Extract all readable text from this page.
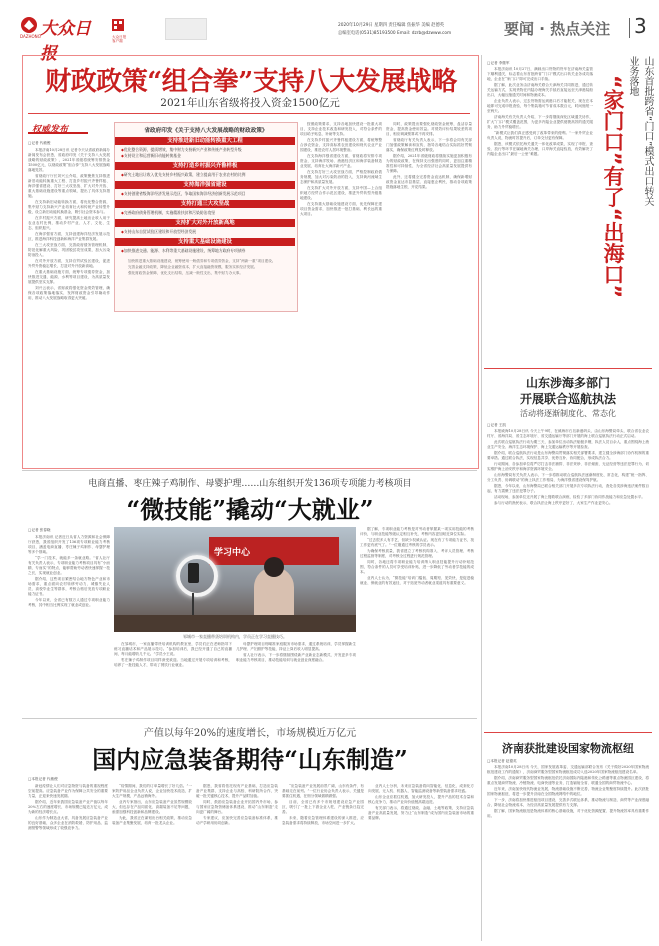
大众日报
DAZHONG	大众日报
客户端
2020年10月29日 星期四 责任编辑 焦振华 美编 赵德英
总编室电话(0531)85193500 Email: dzrb@dzwww.com	要闻 · 热点关注 3
财政政策“组合拳”支持八大发展战略
2021年山东省级将投入资金1500亿元
权威发布
□记者 代敏俊

本报济南10月28日讯 记者今天从省政府新闻办新闻发布会获悉，省政府印发《关于支持八大发展战略的财政政策》，2021年省级将统筹安排资金1500亿元，以财政政策“组合拳”支持八大发展战略落地见效。

省财政厅厅长刘兴云介绍，政策聚焦支持推进新旧动能转换重大工程、打造乡村振兴齐鲁样板、海洋强省建设、打好三大攻坚战、扩大对外开放、重大基础设施建设等重点领域，提出了具体支持措施。

在支持新旧动能转换方面，将优化整合资源，集中财力支持新兴产业培育壮大和传统产业转型升级，设立新旧动能转换基金，吸引社会资本参与。

在乡村振兴方面，研究提高土地出让收入用于农业农村比例，推动乡村产业、人才、文化、生态、组织振兴。

在海洋强省方面，支持创建海洋经济发展示范区，推进海洋科技创新和海洋产业集群发展。

在三大攻坚战方面，完善政府债务管理机制，防范化解重大风险，巩固脱贫攻坚成果，加大污染防治投入。

在对外开放方面，支持自贸试验区建设，促进外贸外资稳定增长，打造对外开放新高地。

在重大基础设施方面，统筹专项债券资金，加快推进交通、能源、水利等项目建设，为高质量发展提供坚实支撑。

刘兴云表示，省财政将强化资金绩效管理，确保各项政策落地落实，发挥财政资金引导撬动作用，推动八大发展战略取得更大突破。

省政府印发《关于支持八大发展战略的财政政策》
支持推进新旧动能转换重大工程
◆ 优化整合资源，提质增效，集中财力支持新兴产业和传统产业转型升级
◆ 支持设立和运营新旧动能转换基金
支持打造乡村振兴齐鲁样板
◆ 研究土地出让收入优先支持乡村振兴政策，建立提高用于农业农村的比例
支持海洋强省建设
◆ 支持创建省级海洋经济发展示范区，争取国家海洋经济创新发展示范项目
支持打通三大攻坚战
◆ 完善政府债务管理机制，实施精准扶贫和污染防治攻坚
支持扩大对外开放新高地
◆ 支持山东自贸试验区建设和开放型经济发展
支持重大基础设施建设
◆ 加快推进交通、能源、水利等重大基础设施建设，统筹地方政府专项债券

加快推进重大基础设施建设，统筹使用一般债券和专项债券资金，支持“两新一重”项目建设。

完善金融支持政策，降低企业融资成本，扩大直接融资规模，服务实体经济发展。

强化财政资金保障，优化支出结构，压减一般性支出，集中财力办大事。

按照政策要求，支持各地加快建设一批重大项目，支持企业技术改造和研发投入，对符合条件的项目给予贴息、补助等支持。

在支持乡村振兴齐鲁样板建设方面，将统筹整合涉农资金，支持高标准农田建设和现代农业产业园建设，推进农村人居环境整治。

在支持海洋强省建设方面，省财政将安排专项资金，支持海洋牧场、渔港经济区和海洋装备制造业发展，培育壮大海洋新兴产业。

在支持打好三大攻坚战方面，严格控制政府债务规模，加大对污染防治的投入，支持黄河流域生态保护和高质量发展。

在支持扩大对外开放方面，支持中国—上合组织地方经贸合作示范区建设，推进外贸转型升级基地建设。

在支持重大基础设施建设方面，优先保障在建项目资金需求，加快推进一批打基础、利长远的重大项目。

同时，政策提出要强化财政资金统筹，盘活存量资金，提高资金使用效益。对绩效评价结果较差的项目，相应调减预算或不再安排。

省财政厅有关负责人表示，下一步将会同有关部门加强政策解读和宣传，指导各地结合实际抓好贯彻落实，确保政策红利及时释放。

据介绍，2021年省级财政将继续实施更加积极有为的财政政策，在保持支出强度的同时，更加注重精准性和可持续性，为全省经济社会高质量发展提供有力保障。

此外，还将健全完善资金直达机制，确保新增财政资金直达市县基层、直接惠企利民，推动各项政策措施落地生根、开花结果。	山东首批跨省“门口”模式出口转关业务落地
“家门口”有了“出海口”
□记者 李继军

本报济南讯 10月27日，满载出口货物的货车在济南海关监管下顺利通关，标志着山东首批跨省“门口”模式出口转关业务成功落地，企业在“家门口”即可完成出口手续。

据了解，此次业务由济南海关联合天津海关共同推进，通过转关运输方式，实现货物在内陆办理海关手续后直接运至天津港装船出口，大幅压缩通关时间和物流成本。

企业负责人表示，过去货物需运到港口后才能报关，现在在本地即可完成申报查验，每个集装箱可节省成本数百元，时间缩短一至两天。

济南海关有关负责人介绍，下一步将继续深化区域通关协作，扩大“门口”模式覆盖范围，为更多内陆企业提供便捷高效的通关服务，助力外贸稳增长。

“新模式让我们真正感受到了改革带来的便利。”一家外贸企业负责人说，物流时效提升后，订单交付更有保障。

据悉，该模式依托海关通关一体化改革成果，实现了申报、查验、放行等环节在属地海关办理，口岸海关直接验放，有效解决了内陆企业出口“最后一公里”难题。

山东涉海多部门
开展联合巡航执法
活动将逐渐制度化、常态化
□记者 王凯

本报威海10月28日讯 今天上午9时，在威海市石岛新港码头，由山东海警局牵头，联合省农业农村厅、省海洋局、省生态环境厅、省交通运输厅等部门开展的海上联合巡航执法行动正式启动。

此次联合巡航执法行动为期三天，参加单位出动执法船艇多艘，执法人员百余人，重点围绕海上渔业生产安全、海洋生态环境保护、海上交通运输秩序等开展检查。

据介绍，联合巡航执法行动是山东海警局贯彻落实相关部署要求，建立健全涉海部门协作机制的重要举措。通过联合执法，实现信息共享、优势互补、协同配合，形成执法合力。

行动期间，各参加单位将严厉打击非法捕捞、非法采砂、非法倾废、无证经营等违法犯罪行为，切实维护海上治安秩序和海洋资源环境安全。

山东海警局有关负责人表示，下一步将推动联合巡航执法逐渐制度化、常态化，构建“统一指挥、分工负责、协调联动”的海上执法工作格局，为海洋强省建设保驾护航。

据悉，今年以来，山东海警局已联合相关部门开展多次专项执法行动，查处各类涉海违法案件数百起，有力震慑了违法犯罪分子。

活动现场，参加单位还开展了海上搜救联合演练，检验了多部门协同作战能力和应急处置水平。

参与行动的渔民表示，联合执法让海上秩序更好了，大家生产作业更安心。

电商直播、枣庄辣子鸡制作、母婴护理……山东组织开发136项专项能力考核项目
“微技能”撬动“大就业”
□记者 张春晓

本报济南讯 记者近日从省人力资源和社会保障厅获悉，我省组织开发了136项专项职业能力考核项目，涵盖电商直播、枣庄辣子鸡制作、母婴护理等多个领域。

“学一门技术，就能多一条就业路。”省人社厅有关负责人表示，专项职业能力考核项目具有“小而精、专而实”的特点，能够帮助劳动者快速掌握一技之长，实现就业创业。

据介绍，这些项目紧密结合地方特色产业和市场需求，重点面向农村转移劳动力、城镇失业人员、高校毕业生等群体，考核合格后发放专项职业能力证书。

今年以来，全省已有数万人通过专项职业能力考核，其中相当比例实现了就业或创业。

学习中心
邹城市一家直播带货培训机构内，学员正在学习直播技巧。

在邹城市，一家直播带货培训机构的教室里，学员们正在老师指导下练习直播话术和产品展示技巧。“参加培训后，我已经开通了自己的直播间，每月能增收几千元。”学员小王说。

枣庄辣子鸡制作项目同样深受欢迎。当地通过开展专项培训和考核，培养了一批技能人才，带动了餐饮行业就业。

母婴护理项目则瞄准家庭服务市场需求，通过系统培训，学员掌握新生儿护理、产妇照护等技能，持证上岗后收入明显提高。

省人社厅表示，下一步将继续围绕新产业新业态新模式，开发更多专项职业能力考核项目，推动技能培训与就业创业深度融合。

据了解，专项职业能力考核是对劳动者掌握某一项实用技能的考核评价，与职业技能等级认定相互补充，考核内容更加贴近岗位实际。

“过去很多人有手艺，但缺少权威认证。现在有了专项能力证书，找工作更有底气了。”一位刚通过考核的学员表示。

为确保考核质量，我省建立了考核机构准入、考评人员管理、考核过程监督等制度，对考核全过程进行规范管理。

同时，各地还将专项职业能力培训纳入职业技能提升行动补贴范围，符合条件的人员可享受培训补贴，进一步降低了劳动者学技能的成本。

业内人士认为，“微技能”培训门槛低、周期短、见效快，是促进稳就业、保就业的有效途径，对于拓宽劳动者就业渠道具有重要意义。

产值以每年20%的速度增长，市场规模近万亿元
国内应急装备期待“山东制造”
□本报记者 代敏俊

新冠疫情让人们对应急物资与装备的重视程度空前提高。应急装备产业作为保障公共安全的重要力量，正迎来快速发展期。

据介绍，近年来我国应急装备产业产值以每年20%左右的速度增长，市场规模已接近万亿元，成为新的经济增长点。

山东作为制造业大省，具备发展应急装备产业的良好基础，众多企业在消防救援、防护用品、监测预警等领域形成了较强竞争力。

“疫情期间，我们的订单量增长了好几倍。”一家防护用品企业负责人说，企业加快技术改造，扩大生产规模，产品远销海外。

业内专家指出，山东应急装备产业虽然规模较大，但也存在产品同质化、高端装备不足等问题，亟需加强科技创新和品牌建设。

为此，我省正在谋划出台相关政策，推动应急装备产业集聚发展，培育一批龙头企业。

据悉，我省将依托现有产业基础，打造应急装备产业集群，支持企业与高校、科研院所合作，突破一批关键核心技术，提升产品附加值。

同时，鼓励应急装备企业开拓国内外市场，参与国家应急物资储备体系建设，推动“山东制造”走向更广阔的舞台。

专家建议，应加快完善应急装备标准体系，推动产学研用协同创新。

“应急装备产业发展前景广阔，山东有条件、有基础走在前列。”一位行业协会负责人表示，关键是要抓住机遇，在细分领域做精做强。

目前，全省已有多个市规划建设应急产业园区，吸引了一批上下游企业入驻，产业链条日趋完善。

未来，随着应急管理体系建设的深入推进，应急装备需求将持续释放，市场空间进一步扩大。

业内人士分析，未来应急装备将向智能化、信息化、成套化方向发展，无人机、机器人、智能监测设备等新型装备需求旺盛。

山东企业应抓住机遇，加大研发投入，提升产品的技术含量和核心竞争力，推动产业向价值链高端迈进。

有关部门表示，将通过财政、金融、土地等政策，支持应急装备产业高质量发展，努力让“山东制造”成为国内应急装备市场的重要品牌。

济南获批建设国家物流枢纽
□本报记者 赵德英

本报济南10月28日讯 今天，国家发展改革委、交通运输部联合发布《关于做好2020年国家物流枢纽建设工作的通知》，济南商贸服务型国家物流枢纽成功入选2020年国家物流枢纽建设名单。

据介绍，济南商贸服务型国家物流枢纽依托济南国际内陆港和传化公路港等重点物流园区建设，将重点发展商贸物流、冷链物流、电商快递等业务，打造辐射全省、联通全国的商贸物流中心。

近年来，济南加快现代物流业发展，物流基础设施不断完善，物流企业集聚度持续提升。此次获批国家物流枢纽，将进一步提升济南在全国物流网络中的地位。

下一步，济南将加快推进枢纽项目建设，完善多式联运体系，推动物流与制造、商贸等产业深度融合，降低社会物流成本，为经济高质量发展提供有力支撑。

据了解，国家物流枢纽是物流体系的核心基础设施，对于优化资源配置、提升物流效率具有重要作用。
